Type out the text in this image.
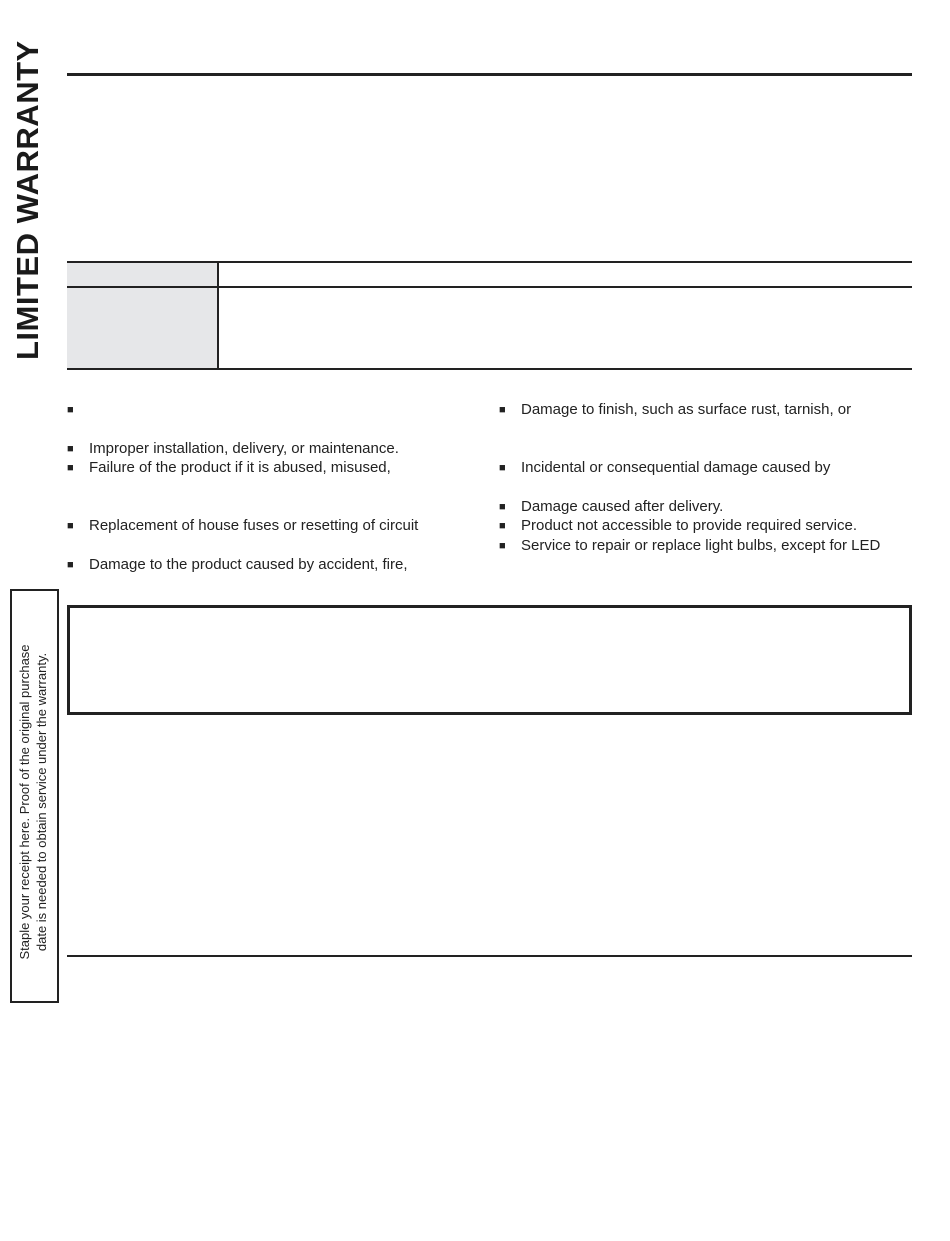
LIMITED WARRANTY
■
■ Improper installation, delivery, or maintenance.
■ Failure of the product if it is abused, misused,
■ Replacement of house fuses or resetting of circuit
■ Damage to the product caused by accident, fire,
■ Damage to finish, such as surface rust, tarnish, or
■ Incidental or consequential damage caused by
■ Damage caused after delivery.
■ Product not accessible to provide required service.
■ Service to repair or replace light bulbs, except for LED
Staple your receipt here. Proof of the original purchase date is needed to obtain service under the warranty.
